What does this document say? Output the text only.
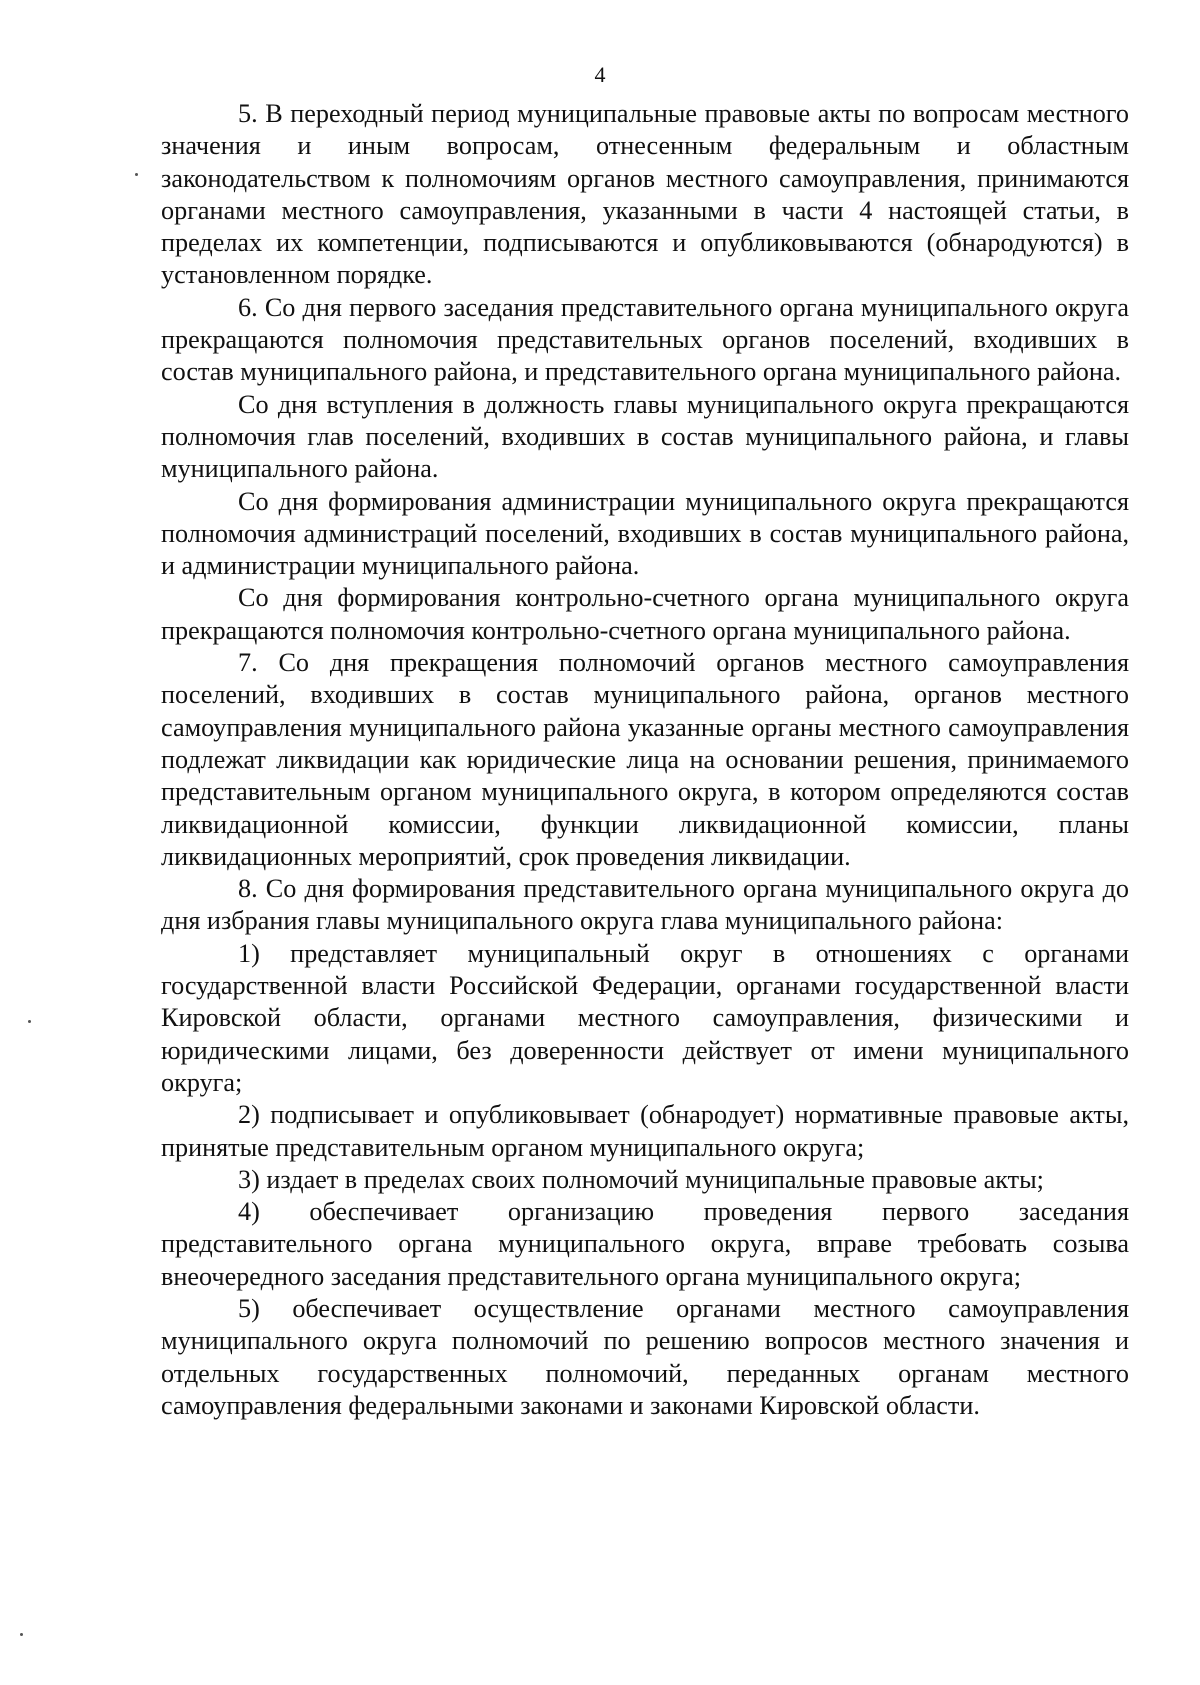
4

5. В переходный период муниципальные правовые акты по вопросам местного значения и иным вопросам, отнесенным федеральным и областным законодательством к полномочиям органов местного самоуправления, принимаются органами местного самоуправления, указанными в части 4 настоящей статьи, в пределах их компетенции, подписываются и опубликовываются (обнародуются) в установленном порядке.

6. Со дня первого заседания представительного органа муниципального округа прекращаются полномочия представительных органов поселений, входивших в состав муниципального района, и представительного органа муниципального района.

Со дня вступления в должность главы муниципального округа прекращаются полномочия глав поселений, входивших в состав муниципального района, и главы муниципального района.

Со дня формирования администрации муниципального округа прекращаются полномочия администраций поселений, входивших в состав муниципального района, и администрации муниципального района.

Со дня формирования контрольно-счетного органа муниципального округа прекращаются полномочия контрольно-счетного органа муниципального района.

7. Со дня прекращения полномочий органов местного самоуправления поселений, входивших в состав муниципального района, органов местного самоуправления муниципального района указанные органы местного самоуправления подлежат ликвидации как юридические лица на основании решения, принимаемого представительным органом муниципального округа, в котором определяются состав ликвидационной комиссии, функции ликвидационной комиссии, планы ликвидационных мероприятий, срок проведения ликвидации.

8. Со дня формирования представительного органа муниципального округа до дня избрания главы муниципального округа глава муниципального района:

1) представляет муниципальный округ в отношениях с органами государственной власти Российской Федерации, органами государственной власти Кировской области, органами местного самоуправления, физическими и юридическими лицами, без доверенности действует от имени муниципального округа;

2) подписывает и опубликовывает (обнародует) нормативные правовые акты, принятые представительным органом муниципального округа;

3) издает в пределах своих полномочий муниципальные правовые акты;

4) обеспечивает организацию проведения первого заседания представительного органа муниципального округа, вправе требовать созыва внеочередного заседания представительного органа муниципального округа;

5) обеспечивает осуществление органами местного самоуправления муниципального округа полномочий по решению вопросов местного значения и отдельных государственных полномочий, переданных органам местного самоуправления федеральными законами и законами Кировской области.
